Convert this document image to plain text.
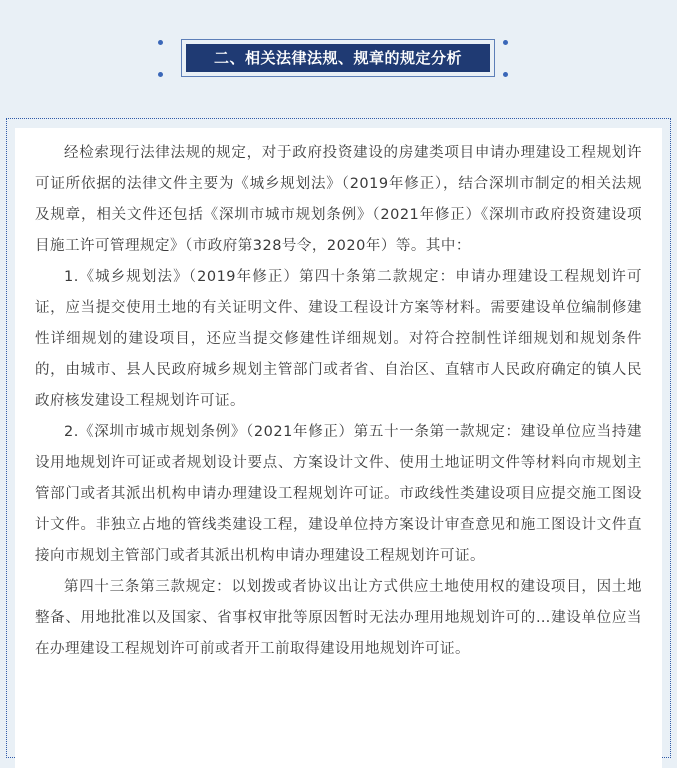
二、相关法律法规、规章的规定分析

经检索现行法律法规的规定，对于政府投资建设的房建类项目申请办理建设工程规划许可证所依据的法律文件主要为《城乡规划法》（2019年修正），结合深圳市制定的相关法规及规章，相关文件还包括《深圳市城市规划条例》（2021年修正）《深圳市政府投资建设项目施工许可管理规定》（市政府第328号令，2020年）等。其中：

1.《城乡规划法》（2019年修正）第四十条第二款规定：申请办理建设工程规划许可证，应当提交使用土地的有关证明文件、建设工程设计方案等材料。需要建设单位编制修建性详细规划的建设项目，还应当提交修建性详细规划。对符合控制性详细规划和规划条件的，由城市、县人民政府城乡规划主管部门或者省、自治区、直辖市人民政府确定的镇人民政府核发建设工程规划许可证。

2.《深圳市城市规划条例》（2021年修正）第五十一条第一款规定：建设单位应当持建设用地规划许可证或者规划设计要点、方案设计文件、使用土地证明文件等材料向市规划主管部门或者其派出机构申请办理建设工程规划许可证。市政线性类建设项目应提交施工图设计文件。非独立占地的管线类建设工程，建设单位持方案设计审查意见和施工图设计文件直接向市规划主管部门或者其派出机构申请办理建设工程规划许可证。

第四十三条第三款规定：以划拨或者协议出让方式供应土地使用权的建设项目，因土地整备、用地批准以及国家、省事权审批等原因暂时无法办理用地规划许可的…建设单位应当在办理建设工程规划许可前或者开工前取得建设用地规划许可证。
